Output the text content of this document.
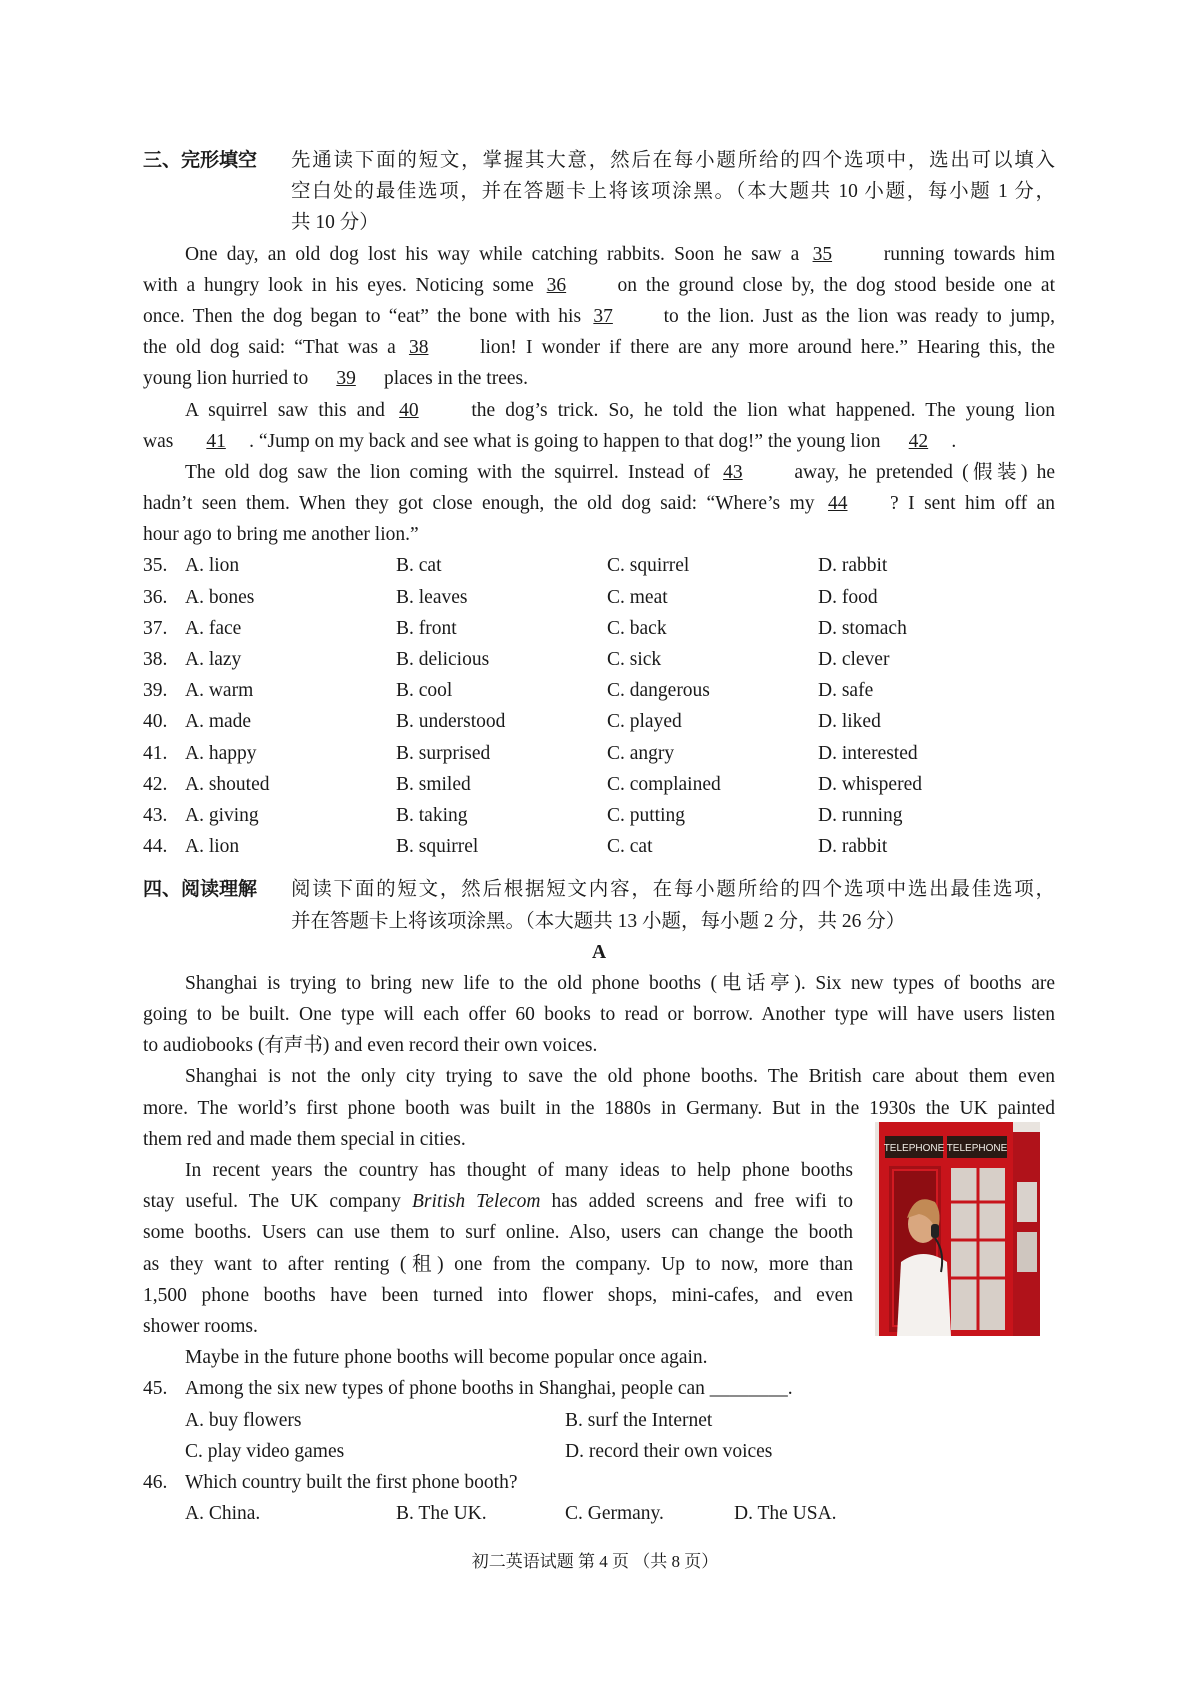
三、完形填空	先通读下面的短文，掌握其大意，然后在每小题所给的四个选项中，选出可以填入
空白处的最佳选项，并在答题卡上将该项涂黑。（本大题共 10 小题，每小题 1 分，
共 10 分）
One day, an old dog lost his way while catching rabbits. Soon he saw a 35	running towards him
with a hungry look in his eyes. Noticing some 36	on the ground close by, the dog stood beside one at
once. Then the dog began to “eat” the bone with his 37	to the lion. Just as the lion was ready to jump,
the old dog said: “That was a 38	lion! I wonder if there are any more around here.” Hearing this, the
young lion hurried to 39 places in the trees.
A squirrel saw this and 40	the dog’s trick. So, he told the lion what happened. The young lion
was 41 . “Jump on my back and see what is going to happen to that dog!” the young lion 42 .
The old dog saw the lion coming with the squirrel. Instead of 43	away, he pretended (假装) he
hadn’t seen them. When they got close enough, the old dog said: “Where’s my 44 ? I sent him off an
hour ago to bring me another lion.”
35. A. lion	B. cat	C. squirrel	D. rabbit
36. A. bones	B. leaves	C. meat	D. food
37. A. face	B. front	C. back	D. stomach
38. A. lazy	B. delicious	C. sick	D. clever
39. A. warm	B. cool	C. dangerous	D. safe
40. A. made	B. understood	C. played	D. liked
41. A. happy	B. surprised	C. angry	D. interested
42. A. shouted	B. smiled	C. complained	D. whispered
43. A. giving	B. taking	C. putting	D. running
44. A. lion	B. squirrel	C. cat	D. rabbit
四、阅读理解	阅读下面的短文，然后根据短文内容，在每小题所给的四个选项中选出最佳选项，
并在答题卡上将该项涂黑。（本大题共 13 小题，每小题 2 分，共 26 分）
A
Shanghai is trying to bring new life to the old phone booths (电话亭). Six new types of booths are
going to be built. One type will each offer 60 books to read or borrow. Another type will have users listen
to audiobooks (有声书) and even record their own voices.
Shanghai is not the only city trying to save the old phone booths. The British care about them even
more. The world’s first phone booth was built in the 1880s in Germany. But in the 1930s the UK painted
them red and made them special in cities.
In recent years the country has thought of many ideas to help phone booths
stay useful. The UK company British Telecom has added screens and free wifi to
some booths. Users can use them to surf online. Also, users can change the booth
as they want to after renting (租) one from the company. Up to now, more than
1,500 phone booths have been turned into flower shops, mini-cafes, and even
shower rooms.
TELEPHONE TELEPHONE
Maybe in the future phone booths will become popular once again.
45. Among the six new types of phone booths in Shanghai, people can ________.
A. buy flowers	B. surf the Internet
C. play video games	D. record their own voices
46. Which country built the first phone booth?
A. China.	B. The UK.	C. Germany.	D. The USA.
初二英语试题 第 4 页 （共 8 页）
